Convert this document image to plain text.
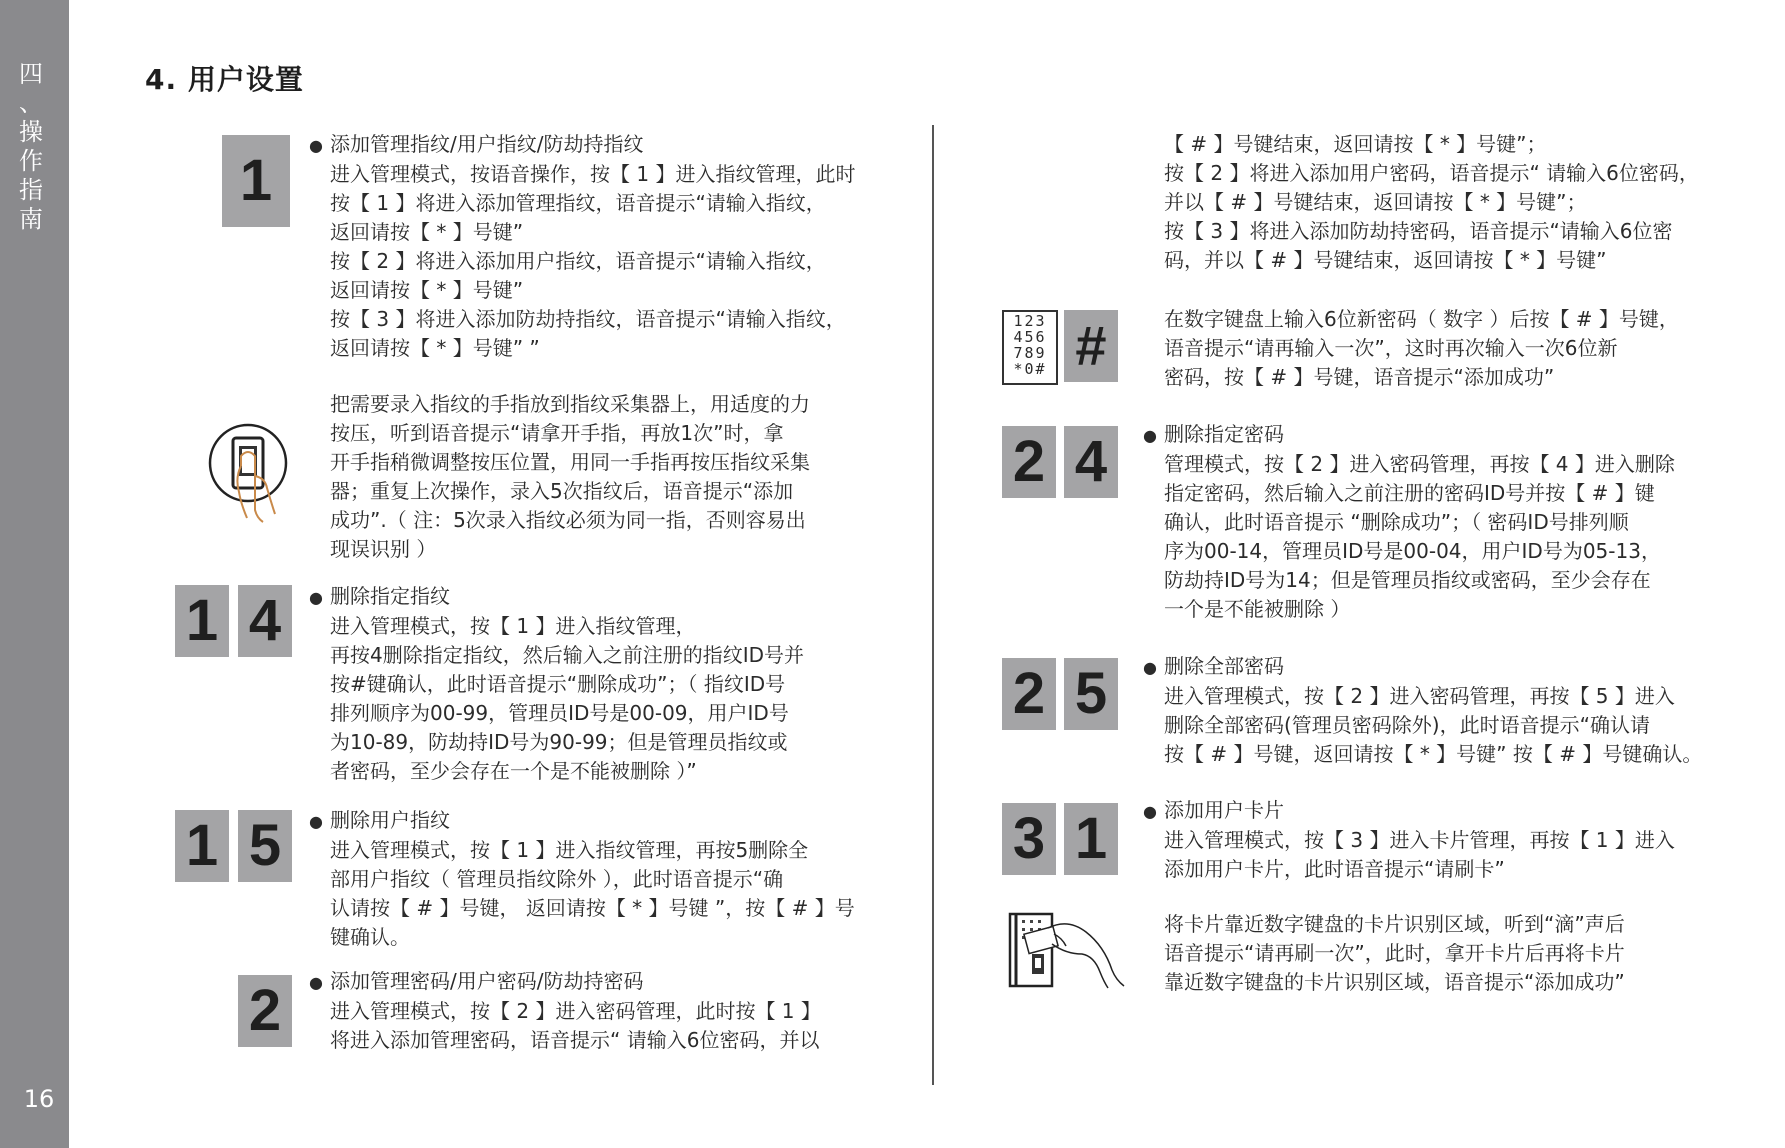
四
、
操
作
指
南
16
4. 用户设置
1
● 添加管理指纹/用户指纹/防劫持指纹

进入管理模式，按语音操作，按【 1 】进入指纹管理，此时

按【 1 】将进入添加管理指纹，语音提示“请输入指纹，

返回请按【 * 】号键”

按【 2 】将进入添加用户指纹，语音提示“请输入指纹，

返回请按【 * 】号键”

按【 3 】将进入添加防劫持指纹，语音提示“请输入指纹，

返回请按【 * 】号键” ”

把需要录入指纹的手指放到指纹采集器上，用适度的力

按压，听到语音提示“请拿开手指，再放1次”时，拿

开手指稍微调整按压位置，用同一手指再按压指纹采集

器；重复上次操作，录入5次指纹后，语音提示“添加

成功”.（ 注：5次录入指纹必须为同一指，否则容易出

现误识别 ）

1 4	● 删除指定指纹

进入管理模式，按【 1 】进入指纹管理，

再按4删除指定指纹，然后输入之前注册的指纹ID号并

按#键确认，此时语音提示“删除成功”；（ 指纹ID号

排列顺序为00-99，管理员ID号是00-09，用户ID号

为10-89，防劫持ID号为90-99；但是管理员指纹或

者密码，至少会存在一个是不能被删除 ）”

1 5	● 删除用户指纹

进入管理模式，按【 1 】进入指纹管理，再按5删除全

部用户指纹（ 管理员指纹除外 ），此时语音提示“确

认请按【 # 】号键， 返回请按【 * 】号键 ”，按【 # 】号

键确认。

2	● 添加管理密码/用户密码/防劫持密码

进入管理模式，按【 2 】进入密码管理，此时按【 1 】

将进入添加管理密码，语音提示“ 请输入6位密码，并以

【 # 】号键结束，返回请按【 * 】号键”；

按【 2 】将进入添加用户密码，语音提示“ 请输入6位密码，

并以【 # 】号键结束，返回请按【 * 】号键”；

按【 3 】将进入添加防劫持密码，语音提示“请输入6位密

码，并以【 # 】号键结束，返回请按【 * 】号键”

123
456
789
*0# #	在数字键盘上输入6位新密码（ 数字 ）后按【 # 】号键，

语音提示“请再输入一次”，这时再次输入一次6位新

密码，按【 # 】号键，语音提示“添加成功”

2 4	● 删除指定密码

管理模式，按【 2 】进入密码管理，再按【 4 】进入删除

指定密码，然后输入之前注册的密码ID号并按【 # 】键

确认，此时语音提示 “删除成功”；（ 密码ID号排列顺

序为00-14，管理员ID号是00-04，用户ID号为05-13，

防劫持ID号为14；但是管理员指纹或密码，至少会存在

一个是不能被删除 ）

2 5	● 删除全部密码

进入管理模式，按【 2 】进入密码管理，再按【 5 】进入

删除全部密码(管理员密码除外)，此时语音提示“确认请

按【 # 】号键，返回请按【 * 】号键” 按【 # 】号键确认。

3 1	● 添加用户卡片

进入管理模式，按【 3 】进入卡片管理，再按【 1 】进入

添加用户卡片，此时语音提示“请刷卡”

将卡片靠近数字键盘的卡片识别区域，听到“滴”声后

语音提示“请再刷一次”，此时，拿开卡片后再将卡片

靠近数字键盘的卡片识别区域，语音提示“添加成功”
